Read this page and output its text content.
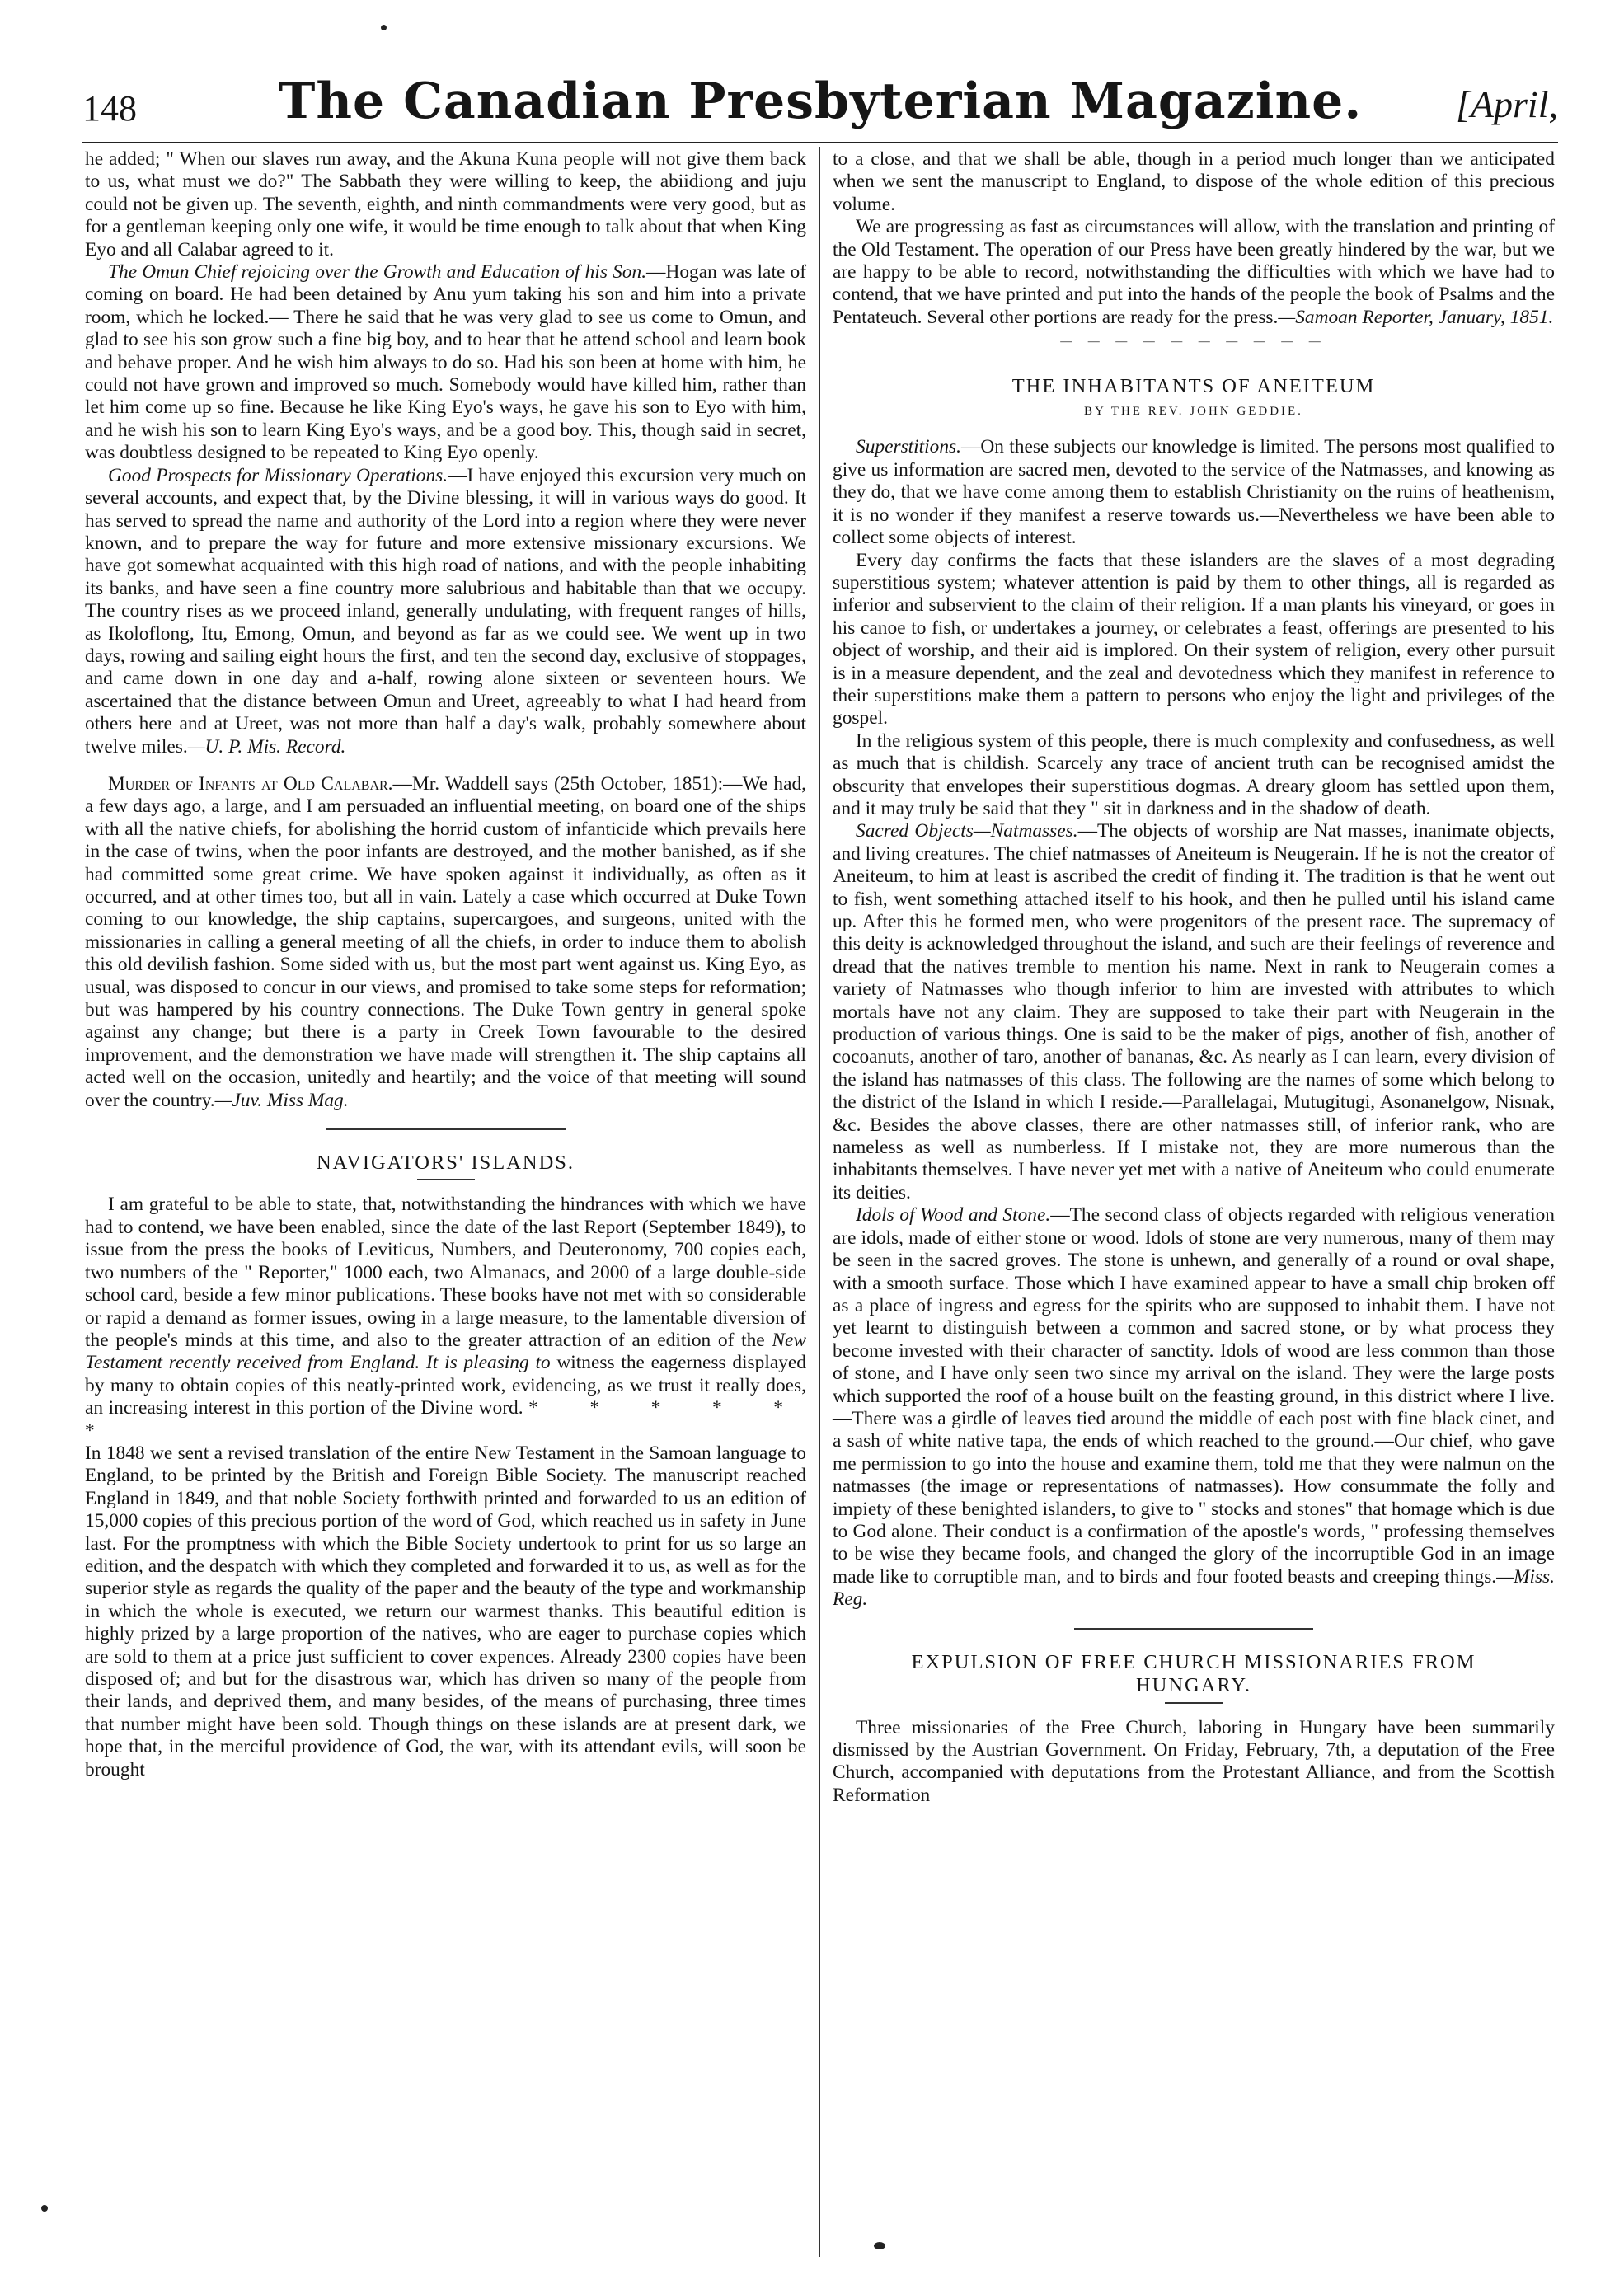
148	The Canadian Presbyterian Magazine.	[April,

he added; " When our slaves run away, and the Akuna Kuna people will not give them back to us, what must we do?" The Sabbath they were willing to keep, the abiidiong and juju could not be given up. The seventh, eighth, and ninth commandments were very good, but as for a gentleman keeping only one wife, it would be time enough to talk about that when King Eyo and all Calabar agreed to it.

The Omun Chief rejoicing over the Growth and Education of his Son.—Hogan was late of coming on board. He had been detained by Anu yum taking his son and him into a private room, which he locked.— There he said that he was very glad to see us come to Omun, and glad to see his son grow such a fine big boy, and to hear that he attend school and learn book and behave proper. And he wish him always to do so. Had his son been at home with him, he could not have grown and improved so much. Somebody would have killed him, rather than let him come up so fine. Because he like King Eyo's ways, he gave his son to Eyo with him, and he wish his son to learn King Eyo's ways, and be a good boy. This, though said in secret, was doubtless designed to be repeated to King Eyo openly.

Good Prospects for Missionary Operations.—I have enjoyed this excursion very much on several accounts, and expect that, by the Divine blessing, it will in various ways do good. It has served to spread the name and authority of the Lord into a region where they were never known, and to prepare the way for future and more extensive missionary excursions. We have got somewhat acquainted with this high road of nations, and with the people inhabiting its banks, and have seen a fine country more salubrious and habitable than that we occupy. The country rises as we proceed inland, generally undulating, with frequent ranges of hills, as Ikoloflong, Itu, Emong, Omun, and beyond as far as we could see. We went up in two days, rowing and sailing eight hours the first, and ten the second day, exclusive of stoppages, and came down in one day and a-half, rowing alone sixteen or seventeen hours. We ascertained that the distance between Omun and Ureet, agreeably to what I had heard from others here and at Ureet, was not more than half a day's walk, probably somewhere about twelve miles.—U. P. Mis. Record.

Murder of Infants at Old Calabar.—Mr. Waddell says (25th October, 1851):—We had, a few days ago, a large, and I am persuaded an influential meeting, on board one of the ships with all the native chiefs, for abolishing the horrid custom of infanticide which prevails here in the case of twins, when the poor infants are destroyed, and the mother banished, as if she had committed some great crime. We have spoken against it individually, as often as it occurred, and at other times too, but all in vain. Lately a case which occurred at Duke Town coming to our knowledge, the ship captains, supercargoes, and surgeons, united with the missionaries in calling a general meeting of all the chiefs, in order to induce them to abolish this old devilish fashion. Some sided with us, but the most part went against us. King Eyo, as usual, was disposed to concur in our views, and promised to take some steps for reformation; but was hampered by his country connections. The Duke Town gentry in general spoke against any change; but there is a party in Creek Town favourable to the desired improvement, and the demonstration we have made will strengthen it. The ship captains all acted well on the occasion, unitedly and heartily; and the voice of that meeting will sound over the country.—Juv. Miss Mag.

NAVIGATORS' ISLANDS.

I am grateful to be able to state, that, notwithstanding the hindrances with which we have had to contend, we have been enabled, since the date of the last Report (September 1849), to issue from the press the books of Leviticus, Numbers, and Deuteronomy, 700 copies each, two numbers of the " Reporter," 1000 each, two Almanacs, and 2000 of a large double-side school card, beside a few minor publications. These books have not met with so considerable or rapid a demand as former issues, owing in a large measure, to the lamentable diversion of the people's minds at this time, and also to the greater attraction of an edition of the New Testament recently received from England. It is pleasing to witness the eagerness displayed by many to obtain copies of this neatly-printed work, evidencing, as we trust it really does, an increasing interest in this portion of the Divine word. * * * * * *

In 1848 we sent a revised translation of the entire New Testament in the Samoan language to England, to be printed by the British and Foreign Bible Society. The manuscript reached England in 1849, and that noble Society forthwith printed and forwarded to us an edition of 15,000 copies of this precious portion of the word of God, which reached us in safety in June last. For the promptness with which the Bible Society undertook to print for us so large an edition, and the despatch with which they completed and forwarded it to us, as well as for the superior style as regards the quality of the paper and the beauty of the type and workmanship in which the whole is executed, we return our warmest thanks. This beautiful edition is highly prized by a large proportion of the natives, who are eager to purchase copies which are sold to them at a price just sufficient to cover expences. Already 2300 copies have been disposed of; and but for the disastrous war, which has driven so many of the people from their lands, and deprived them, and many besides, of the means of purchasing, three times that number might have been sold. Though things on these islands are at present dark, we hope that, in the merciful providence of God, the war, with its attendant evils, will soon be brought

to a close, and that we shall be able, though in a period much longer than we anticipated when we sent the manuscript to England, to dispose of the whole edition of this precious volume.

We are progressing as fast as circumstances will allow, with the translation and printing of the Old Testament. The operation of our Press have been greatly hindered by the war, but we are happy to be able to record, notwithstanding the difficulties with which we have had to contend, that we have printed and put into the hands of the people the book of Psalms and the Pentateuch. Several other portions are ready for the press.—Samoan Reporter, January, 1851.

— — — — — — — — — —
THE INHABITANTS OF ANEITEUM
BY THE REV. JOHN GEDDIE.

Superstitions.—On these subjects our knowledge is limited. The persons most qualified to give us information are sacred men, devoted to the service of the Natmasses, and knowing as they do, that we have come among them to establish Christianity on the ruins of heathenism, it is no wonder if they manifest a reserve towards us.—Nevertheless we have been able to collect some objects of interest.

Every day confirms the facts that these islanders are the slaves of a most degrading superstitious system; whatever attention is paid by them to other things, all is regarded as inferior and subservient to the claim of their religion. If a man plants his vineyard, or goes in his canoe to fish, or undertakes a journey, or celebrates a feast, offerings are presented to his object of worship, and their aid is implored. On their system of religion, every other pursuit is in a measure dependent, and the zeal and devotedness which they manifest in reference to their superstitions make them a pattern to persons who enjoy the light and privileges of the gospel.

In the religious system of this people, there is much complexity and confusedness, as well as much that is childish. Scarcely any trace of ancient truth can be recognised amidst the obscurity that envelopes their superstitious dogmas. A dreary gloom has settled upon them, and it may truly be said that they " sit in darkness and in the shadow of death.

Sacred Objects—Natmasses.—The objects of worship are Nat masses, inanimate objects, and living creatures. The chief natmasses of Aneiteum is Neugerain. If he is not the creator of Aneiteum, to him at least is ascribed the credit of finding it. The tradition is that he went out to fish, went something attached itself to his hook, and then he pulled until his island came up. After this he formed men, who were progenitors of the present race. The supremacy of this deity is acknowledged throughout the island, and such are their feelings of reverence and dread that the natives tremble to mention his name. Next in rank to Neugerain comes a variety of Natmasses who though inferior to him are invested with attributes to which mortals have not any claim. They are supposed to take their part with Neugerain in the production of various things. One is said to be the maker of pigs, another of fish, another of cocoanuts, another of taro, another of bananas, &c. As nearly as I can learn, every division of the island has natmasses of this class. The following are the names of some which belong to the district of the Island in which I reside.—Parallelagai, Mutugitugi, Asonanelgow, Nisnak, &c. Besides the above classes, there are other natmasses still, of inferior rank, who are nameless as well as numberless. If I mistake not, they are more numerous than the inhabitants themselves. I have never yet met with a native of Aneiteum who could enumerate its deities.

Idols of Wood and Stone.—The second class of objects regarded with religious veneration are idols, made of either stone or wood. Idols of stone are very numerous, many of them may be seen in the sacred groves. The stone is unhewn, and generally of a round or oval shape, with a smooth surface. Those which I have examined appear to have a small chip broken off as a place of ingress and egress for the spirits who are supposed to inhabit them. I have not yet learnt to distinguish between a common and sacred stone, or by what process they become invested with their character of sanctity. Idols of wood are less common than those of stone, and I have only seen two since my arrival on the island. They were the large posts which supported the roof of a house built on the feasting ground, in this district where I live.—There was a girdle of leaves tied around the middle of each post with fine black cinet, and a sash of white native tapa, the ends of which reached to the ground.—Our chief, who gave me permission to go into the house and examine them, told me that they were nalmun on the natmasses (the image or representations of natmasses). How consummate the folly and impiety of these benighted islanders, to give to " stocks and stones" that homage which is due to God alone. Their conduct is a confirmation of the apostle's words, " professing themselves to be wise they became fools, and changed the glory of the incorruptible God in an image made like to corruptible man, and to birds and four footed beasts and creeping things.—Miss. Reg.

EXPULSION OF FREE CHURCH MISSIONARIES FROM HUNGARY.

Three missionaries of the Free Church, laboring in Hungary have been summarily dismissed by the Austrian Government. On Friday, February, 7th, a deputation of the Free Church, accompanied with deputations from the Protestant Alliance, and from the Scottish Reformation
